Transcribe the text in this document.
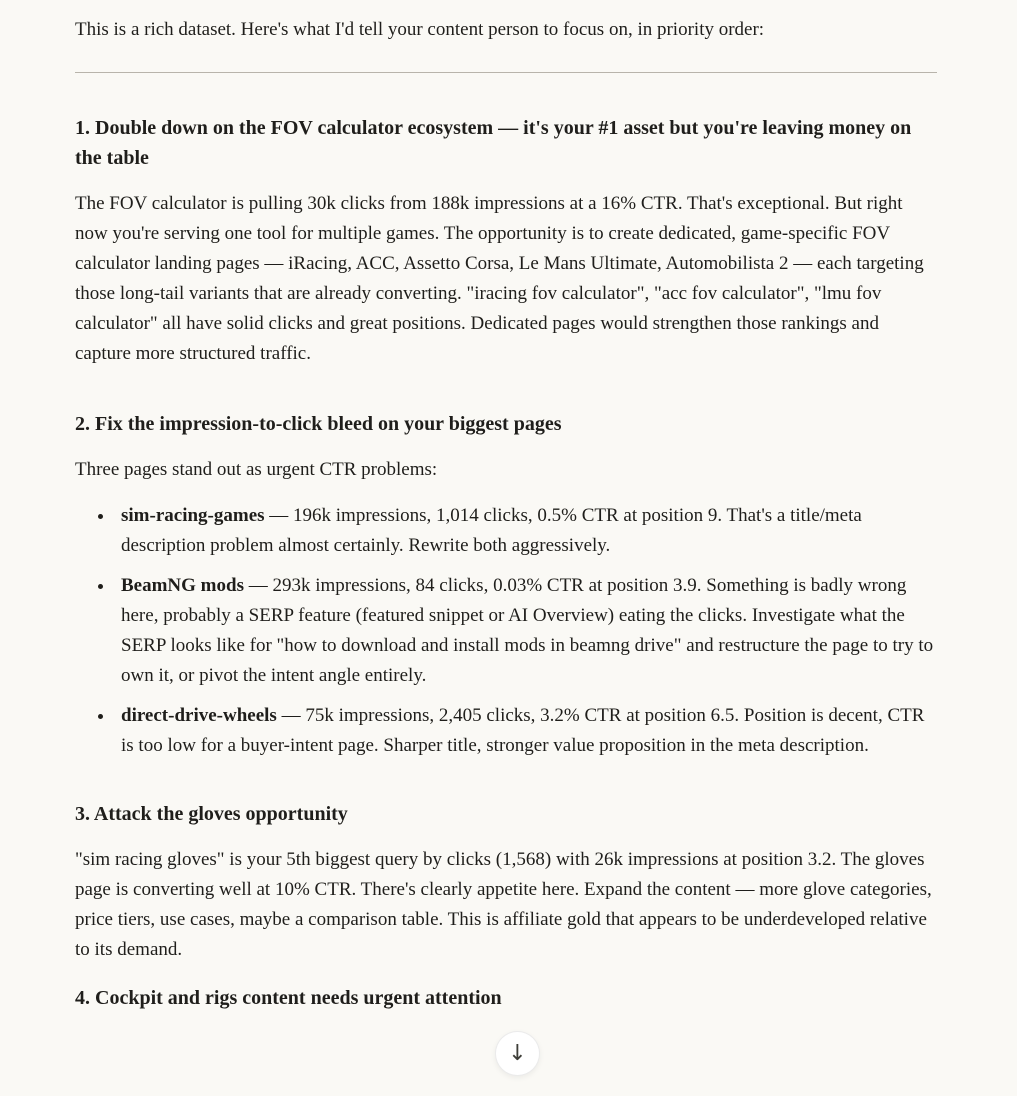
This is a rich dataset. Here's what I'd tell your content person to focus on, in priority order:

1. Double down on the FOV calculator ecosystem — it's your #1 asset but you're leaving money on the table

The FOV calculator is pulling 30k clicks from 188k impressions at a 16% CTR. That's exceptional. But right now you're serving one tool for multiple games. The opportunity is to create dedicated, game-specific FOV calculator landing pages — iRacing, ACC, Assetto Corsa, Le Mans Ultimate, Automobilista 2 — each targeting those long-tail variants that are already converting. "iracing fov calculator", "acc fov calculator", "lmu fov calculator" all have solid clicks and great positions. Dedicated pages would strengthen those rankings and capture more structured traffic.

2. Fix the impression-to-click bleed on your biggest pages

Three pages stand out as urgent CTR problems:

• sim-racing-games — 196k impressions, 1,014 clicks, 0.5% CTR at position 9. That's a title/meta description problem almost certainly. Rewrite both aggressively.
• BeamNG mods — 293k impressions, 84 clicks, 0.03% CTR at position 3.9. Something is badly wrong here, probably a SERP feature (featured snippet or AI Overview) eating the clicks. Investigate what the SERP looks like for "how to download and install mods in beamng drive" and restructure the page to try to own it, or pivot the intent angle entirely.
• direct-drive-wheels — 75k impressions, 2,405 clicks, 3.2% CTR at position 6.5. Position is decent, CTR is too low for a buyer-intent page. Sharper title, stronger value proposition in the meta description.
3. Attack the gloves opportunity

"sim racing gloves" is your 5th biggest query by clicks (1,568) with 26k impressions at position 3.2. The gloves page is converting well at 10% CTR. There's clearly appetite here. Expand the content — more glove categories, price tiers, use cases, maybe a comparison table. This is affiliate gold that appears to be underdeveloped relative to its demand.

4. Cockpit and rigs content needs urgent attention
↓
